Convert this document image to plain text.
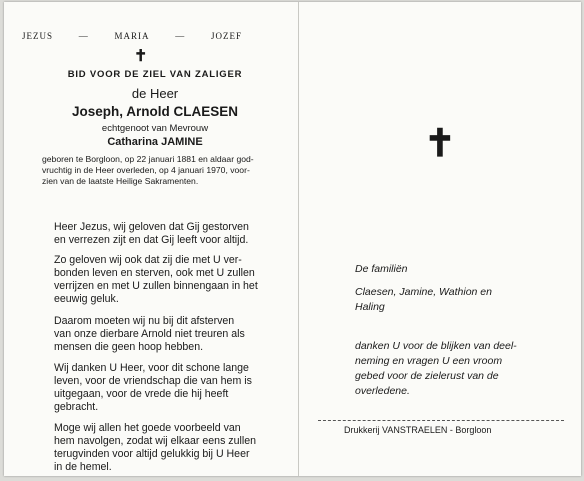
JEZUS	—	MARIA	—	JOZEF
✝
BID VOOR DE ZIEL VAN ZALIGER
de Heer
Joseph, Arnold CLAESEN
echtgenoot van Mevrouw
Catharina JAMINE
geboren te Borgloon, op 22 januari 1881 en aldaar god-
vruchtig in de Heer overleden, op 4 januari 1970, voor-
zien van de laatste Heilige Sakramenten.
Heer Jezus, wij geloven dat Gij gestorven
en verrezen zijt en dat Gij leeft voor altijd.
Zo geloven wij ook dat zij die met U ver-
bonden leven en sterven, ook met U zullen
verrijzen en met U zullen binnengaan in het
eeuwig geluk.
Daarom moeten wij nu bij dit afsterven
van onze dierbare Arnold niet treuren als
mensen die geen hoop hebben.
Wij danken U Heer, voor dit schone lange
leven, voor de vriendschap die van hem is
uitgegaan, voor de vrede die hij heeft
gebracht.
Moge wij allen het goede voorbeeld van
hem navolgen, zodat wij elkaar eens zullen
terugvinden voor altijd gelukkig bij U Heer
in de hemel.
✝
De familiën
Claesen, Jamine, Wathion en
Haling
danken U voor de blijken van deel-
neming en vragen U een vroom
gebed voor de zielerust van de
overledene.
Drukkerij VANSTRAELEN - Borgloon
